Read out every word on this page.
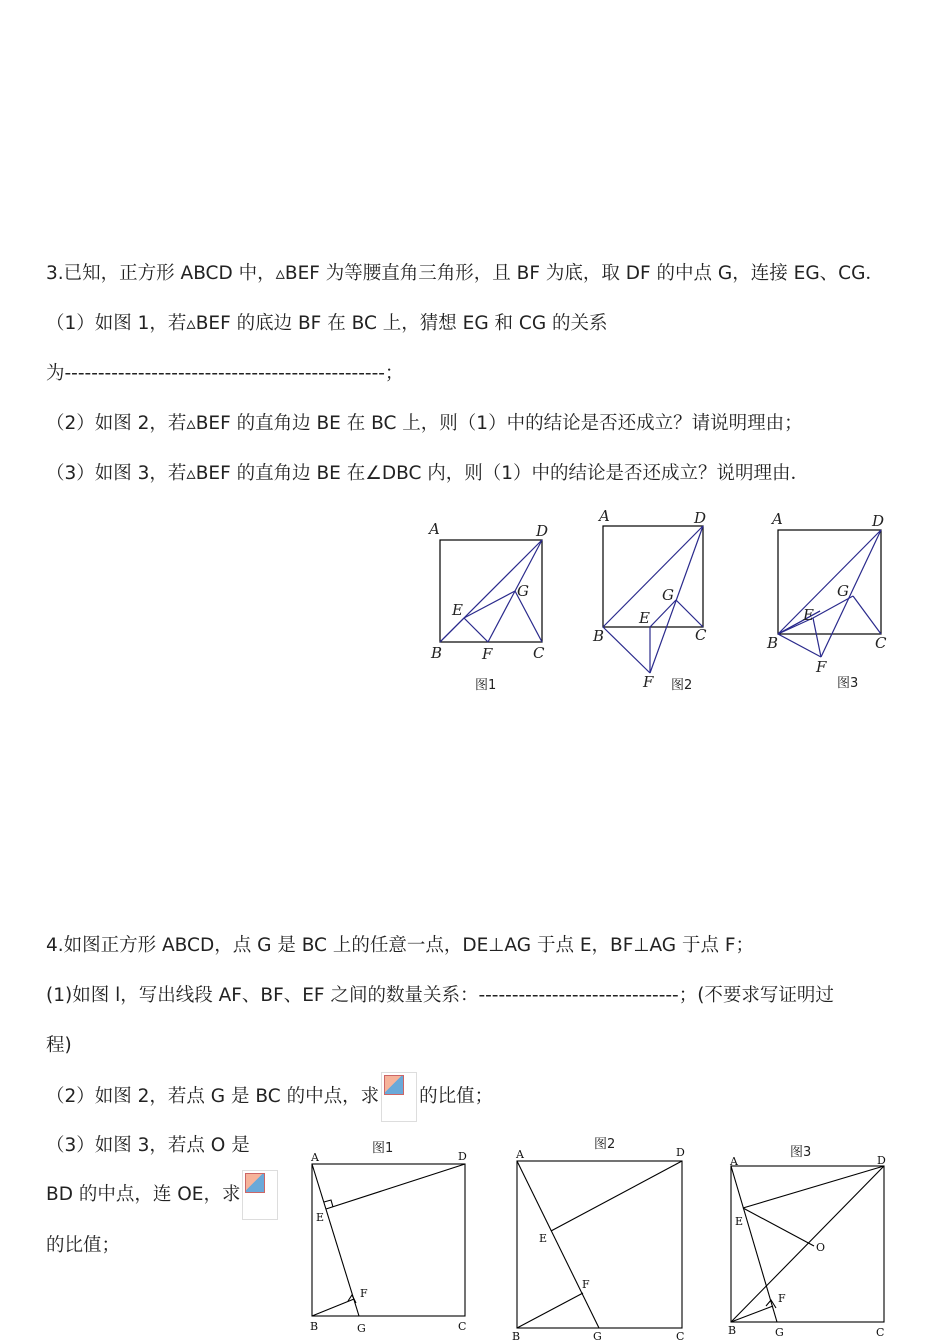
3.已知，正方形 ABCD 中，▵BEF 为等腰直角三角形，且 BF 为底，取 DF 的中点 G，连接 EG、CG．
（1）如图 1，若▵BEF 的底边 BF 在 BC 上，猜想 EG 和 CG 的关系
为------------------------------------------------；
（2）如图 2，若▵BEF 的直角边 BE 在 BC 上，则（1）中的结论是否还成立？请说明理由；
（3）如图 3，若▵BEF 的直角边 BE 在∠DBC 内，则（1）中的结论是否还成立？说明理由．
A	D
E
G
B	F	C
图1
A	D
E
G
B	C
F 图2
A	D
E
G
B	C
F
图3
4.如图正方形 ABCD，点 G 是 BC 上的任意一点，DE⊥AG 于点 E，BF⊥AG 于点 F；
(1)如图 l，写出线段 AF、BF、EF 之间的数量关系：------------------------------；(不要求写证明过
程)
（2）如图 2，若点 G 是 BC 的中点，求 的比值；
（3）如图 3，若点 O 是
BD 的中点，连 OE，求
的比值；
图1
A	D
E
F
B	G	C
图2
A	D
E
F
B	G	C
图3
A	D
E
O
F
B	G	C
